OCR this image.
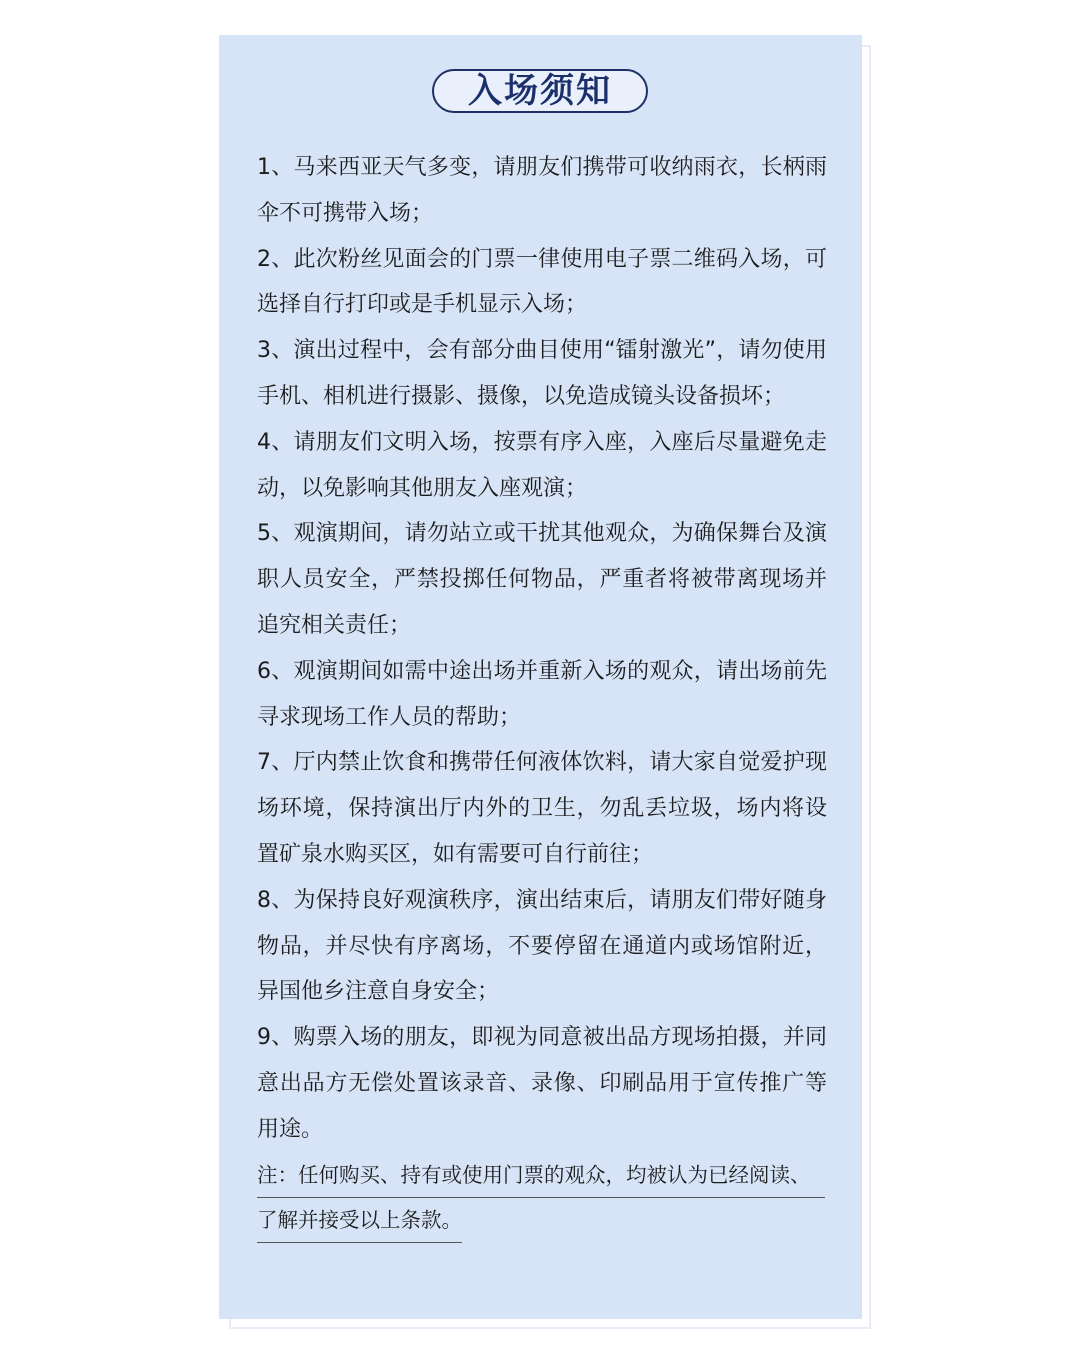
入场须知

1、马来西亚天气多变，请朋友们携带可收纳雨衣，长柄雨伞不可携带入场；

2、此次粉丝见面会的门票一律使用电子票二维码入场，可选择自行打印或是手机显示入场；

3、演出过程中，会有部分曲目使用“镭射激光”，请勿使用手机、相机进行摄影、摄像，以免造成镜头设备损坏；

4、请朋友们文明入场，按票有序入座，入座后尽量避免走动，以免影响其他朋友入座观演；

5、观演期间，请勿站立或干扰其他观众，为确保舞台及演职人员安全，严禁投掷任何物品，严重者将被带离现场并追究相关责任；

6、观演期间如需中途出场并重新入场的观众，请出场前先寻求现场工作人员的帮助；

7、厅内禁止饮食和携带任何液体饮料，请大家自觉爱护现场环境，保持演出厅内外的卫生，勿乱丢垃圾，场内将设置矿泉水购买区，如有需要可自行前往；

8、为保持良好观演秩序，演出结束后，请朋友们带好随身物品，并尽快有序离场，不要停留在通道内或场馆附近，异国他乡注意自身安全；

9、购票入场的朋友，即视为同意被出品方现场拍摄，并同意出品方无偿处置该录音、录像、印刷品用于宣传推广等用途。

注：任何购买、持有或使用门票的观众，均被认为已经阅读、
了解并接受以上条款。
